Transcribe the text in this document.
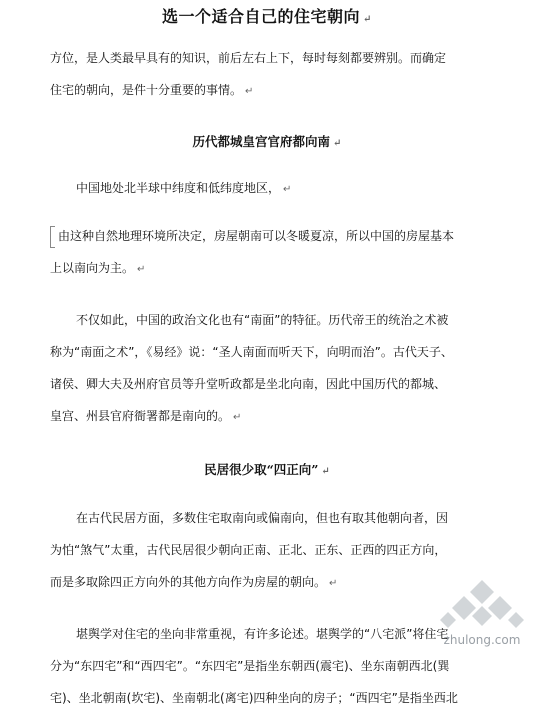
选一个适合自己的住宅朝向 ↵
方位，是人类最早具有的知识，前后左右上下，每时每刻都要辨别。而确定
住宅的朝向，是件十分重要的事情。 ↵
历代都城皇宫官府都向南 ↵
中国地处北半球中纬度和低纬度地区， ↵
由这种自然地理环境所决定，房屋朝南可以冬暖夏凉，所以中国的房屋基本
上以南向为主。 ↵
不仅如此，中国的政治文化也有“南面”的特征。历代帝王的统治之术被
称为“南面之术”，《易经》说：“圣人南面而听天下，向明而治”。古代天子、
诸侯、卿大夫及州府官员等升堂听政都是坐北向南，因此中国历代的都城、
皇宫、州县官府衙署都是南向的。 ↵
民居很少取“四正向” ↵
在古代民居方面，多数住宅取南向或偏南向，但也有取其他朝向者，因
为怕“煞气”太重，古代民居很少朝向正南、正北、正东、正西的四正方向，
而是多取除四正方向外的其他方向作为房屋的朝向。 ↵
堪舆学对住宅的坐向非常重视，有许多论述。堪舆学的“八宅派”将住宅
分为“东四宅”和“西四宅”。“东四宅”是指坐东朝西(震宅)、坐东南朝西北(巽
宅)、坐北朝南(坎宅)、坐南朝北(离宅)四种坐向的房子；“西四宅”是指坐西北
zhulong.com
